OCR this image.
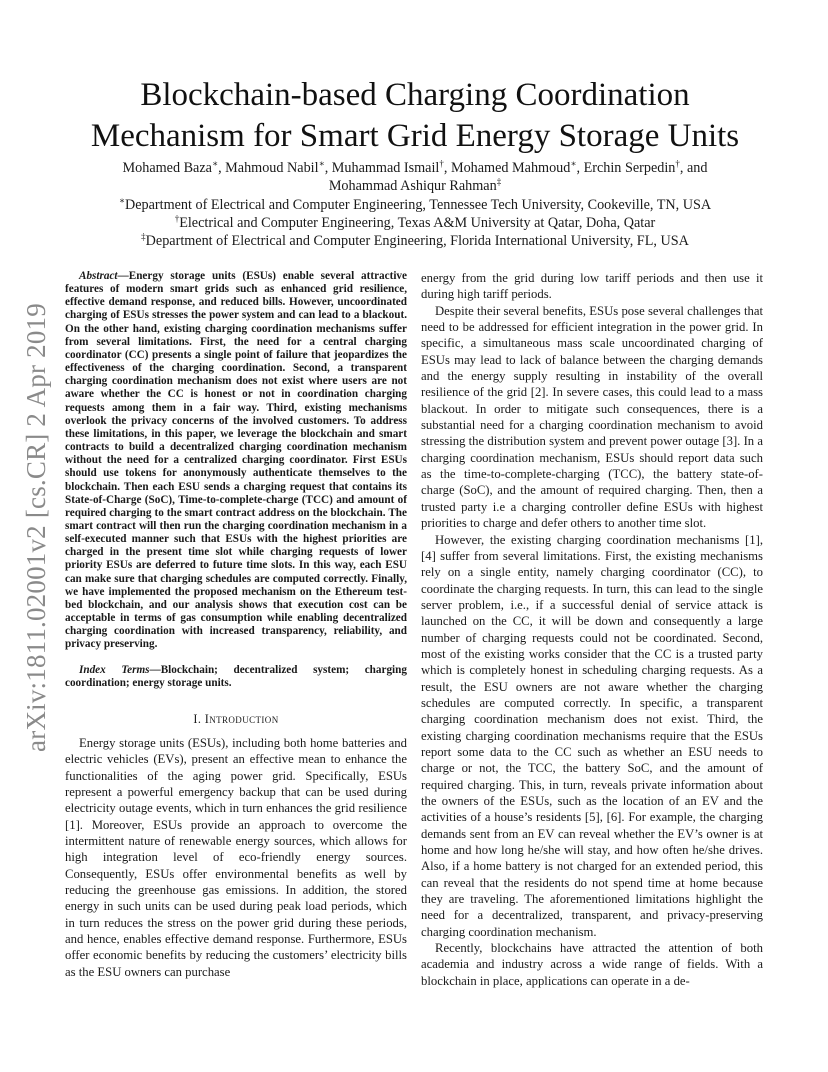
arXiv:1811.02001v2 [cs.CR] 2 Apr 2019
Blockchain-based Charging Coordination
Mechanism for Smart Grid Energy Storage Units
Mohamed Baza∗, Mahmoud Nabil∗, Muhammad Ismail†, Mohamed Mahmoud∗, Erchin Serpedin†, and
Mohammad Ashiqur Rahman‡
∗Department of Electrical and Computer Engineering, Tennessee Tech University, Cookeville, TN, USA
†Electrical and Computer Engineering, Texas A&M University at Qatar, Doha, Qatar
‡Department of Electrical and Computer Engineering, Florida International University, FL, USA

Abstract—Energy storage units (ESUs) enable several attractive features of modern smart grids such as enhanced grid resilience, effective demand response, and reduced bills. However, uncoordinated charging of ESUs stresses the power system and can lead to a blackout. On the other hand, existing charging coordination mechanisms suffer from several limitations. First, the need for a central charging coordinator (CC) presents a single point of failure that jeopardizes the effectiveness of the charging coordination. Second, a transparent charging coordination mechanism does not exist where users are not aware whether the CC is honest or not in coordination charging requests among them in a fair way. Third, existing mechanisms overlook the privacy concerns of the involved customers. To address these limitations, in this paper, we leverage the blockchain and smart contracts to build a decentralized charging coordination mechanism without the need for a centralized charging coordinator. First ESUs should use tokens for anonymously authenticate themselves to the blockchain. Then each ESU sends a charging request that contains its State-of-Charge (SoC), Time-to-complete-charge (TCC) and amount of required charging to the smart contract address on the blockchain. The smart contract will then run the charging coordination mechanism in a self-executed manner such that ESUs with the highest priorities are charged in the present time slot while charging requests of lower priority ESUs are deferred to future time slots. In this way, each ESU can make sure that charging schedules are computed correctly. Finally, we have implemented the proposed mechanism on the Ethereum test-bed blockchain, and our analysis shows that execution cost can be acceptable in terms of gas consumption while enabling decentralized charging coordination with increased transparency, reliability, and privacy preserving.

Index Terms—Blockchain; decentralized system; charging coordination; energy storage units.

I. Introduction

Energy storage units (ESUs), including both home batteries and electric vehicles (EVs), present an effective mean to enhance the functionalities of the aging power grid. Specifically, ESUs represent a powerful emergency backup that can be used during electricity outage events, which in turn enhances the grid resilience [1]. Moreover, ESUs provide an approach to overcome the intermittent nature of renewable energy sources, which allows for high integration level of eco-friendly energy sources. Consequently, ESUs offer environmental benefits as well by reducing the greenhouse gas emissions. In addition, the stored energy in such units can be used during peak load periods, which in turn reduces the stress on the power grid during these periods, and hence, enables effective demand response. Furthermore, ESUs offer economic benefits by reducing the customers’ electricity bills as the ESU owners can purchase

energy from the grid during low tariff periods and then use it during high tariff periods.

Despite their several benefits, ESUs pose several challenges that need to be addressed for efficient integration in the power grid. In specific, a simultaneous mass scale uncoordinated charging of ESUs may lead to lack of balance between the charging demands and the energy supply resulting in instability of the overall resilience of the grid [2]. In severe cases, this could lead to a mass blackout. In order to mitigate such consequences, there is a substantial need for a charging coordination mechanism to avoid stressing the distribution system and prevent power outage [3]. In a charging coordination mechanism, ESUs should report data such as the time-to-complete-charging (TCC), the battery state-of-charge (SoC), and the amount of required charging. Then, then a trusted party i.e a charging controller define ESUs with highest priorities to charge and defer others to another time slot.

However, the existing charging coordination mechanisms [1], [4] suffer from several limitations. First, the existing mechanisms rely on a single entity, namely charging coordinator (CC), to coordinate the charging requests. In turn, this can lead to the single server problem, i.e., if a successful denial of service attack is launched on the CC, it will be down and consequently a large number of charging requests could not be coordinated. Second, most of the existing works consider that the CC is a trusted party which is completely honest in scheduling charging requests. As a result, the ESU owners are not aware whether the charging schedules are computed correctly. In specific, a transparent charging coordination mechanism does not exist. Third, the existing charging coordination mechanisms require that the ESUs report some data to the CC such as whether an ESU needs to charge or not, the TCC, the battery SoC, and the amount of required charging. This, in turn, reveals private information about the owners of the ESUs, such as the location of an EV and the activities of a house’s residents [5], [6]. For example, the charging demands sent from an EV can reveal whether the EV’s owner is at home and how long he/she will stay, and how often he/she drives. Also, if a home battery is not charged for an extended period, this can reveal that the residents do not spend time at home because they are traveling. The aforementioned limitations highlight the need for a decentralized, transparent, and privacy-preserving charging coordination mechanism.

Recently, blockchains have attracted the attention of both academia and industry across a wide range of fields. With a blockchain in place, applications can operate in a de-
